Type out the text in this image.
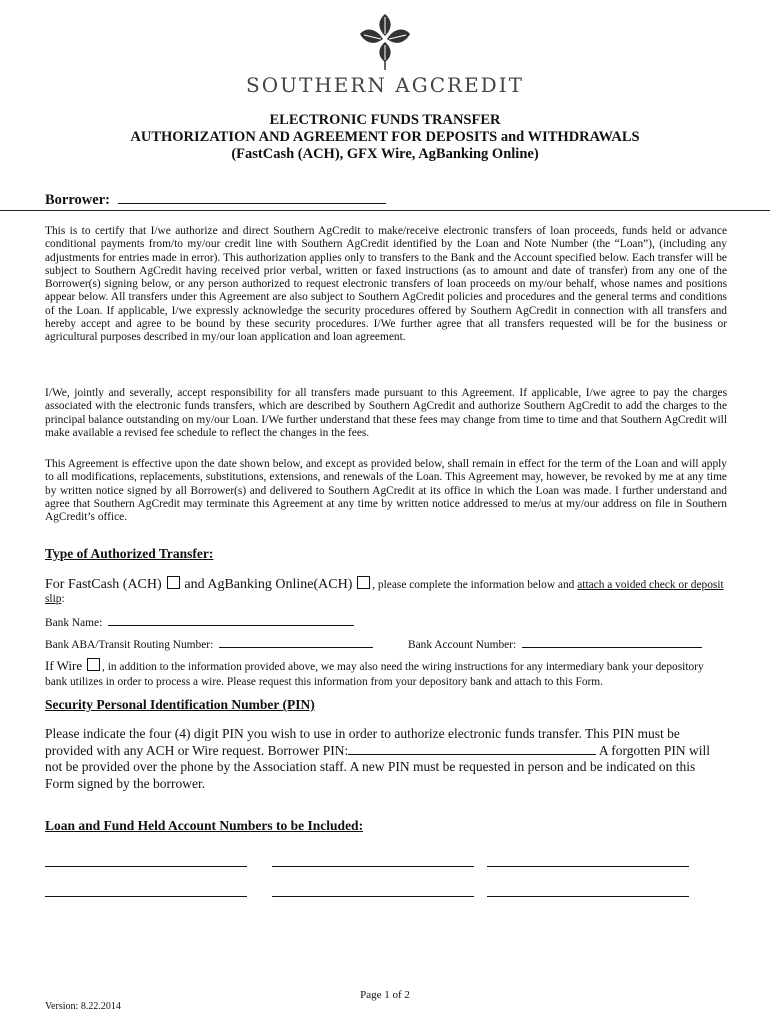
SOUTHERN AGCREDIT
ELECTRONIC FUNDS TRANSFER
AUTHORIZATION AND AGREEMENT FOR DEPOSITS and WITHDRAWALS
(FastCash (ACH), GFX Wire, AgBanking Online)
Borrower:
This is to certify that I/we authorize and direct Southern AgCredit to make/receive electronic transfers of loan proceeds, funds held or advance conditional payments from/to my/our credit line with Southern AgCredit identified by the Loan and Note Number (the “Loan”), (including any adjustments for entries made in error). This authorization applies only to transfers to the Bank and the Account specified below. Each transfer will be subject to Southern AgCredit having received prior verbal, written or faxed instructions (as to amount and date of transfer) from any one of the Borrower(s) signing below, or any person authorized to request electronic transfers of loan proceeds on my/our behalf, whose names and positions appear below. All transfers under this Agreement are also subject to Southern AgCredit policies and procedures and the general terms and conditions of the Loan. If applicable, I/we expressly acknowledge the security procedures offered by Southern AgCredit in connection with all transfers and hereby accept and agree to be bound by these security procedures. I/We further agree that all transfers requested will be for the business or agricultural purposes described in my/our loan application and loan agreement.
I/We, jointly and severally, accept responsibility for all transfers made pursuant to this Agreement. If applicable, I/we agree to pay the charges associated with the electronic funds transfers, which are described by Southern AgCredit and authorize Southern AgCredit to add the charges to the principal balance outstanding on my/our Loan. I/We further understand that these fees may change from time to time and that Southern AgCredit will make available a revised fee schedule to reflect the changes in the fees.
This Agreement is effective upon the date shown below, and except as provided below, shall remain in effect for the term of the Loan and will apply to all modifications, replacements, substitutions, extensions, and renewals of the Loan. This Agreement may, however, be revoked by me at any time by written notice signed by all Borrower(s) and delivered to Southern AgCredit at its office in which the Loan was made. I further understand and agree that Southern AgCredit may terminate this Agreement at any time by written notice addressed to me/us at my/our address on file in Southern AgCredit’s office.
Type of Authorized Transfer:
For FastCash (ACH) and AgBanking Online(ACH) , please complete the information below and attach a voided check or deposit slip:
Bank Name:
Bank ABA/Transit Routing Number:	Bank Account Number:
If Wire , in addition to the information provided above, we may also need the wiring instructions for any intermediary bank your depository bank utilizes in order to process a wire. Please request this information from your depository bank and attach to this Form.
Security Personal Identification Number (PIN)
Please indicate the four (4) digit PIN you wish to use in order to authorize electronic funds transfer. This PIN must be provided with any ACH or Wire request. Borrower PIN:	A forgotten PIN will not be provided over the phone by the Association staff. A new PIN must be requested in person and be indicated on this Form signed by the borrower.
Loan and Fund Held Account Numbers to be Included:
Page 1 of 2
Version: 8.22.2014
